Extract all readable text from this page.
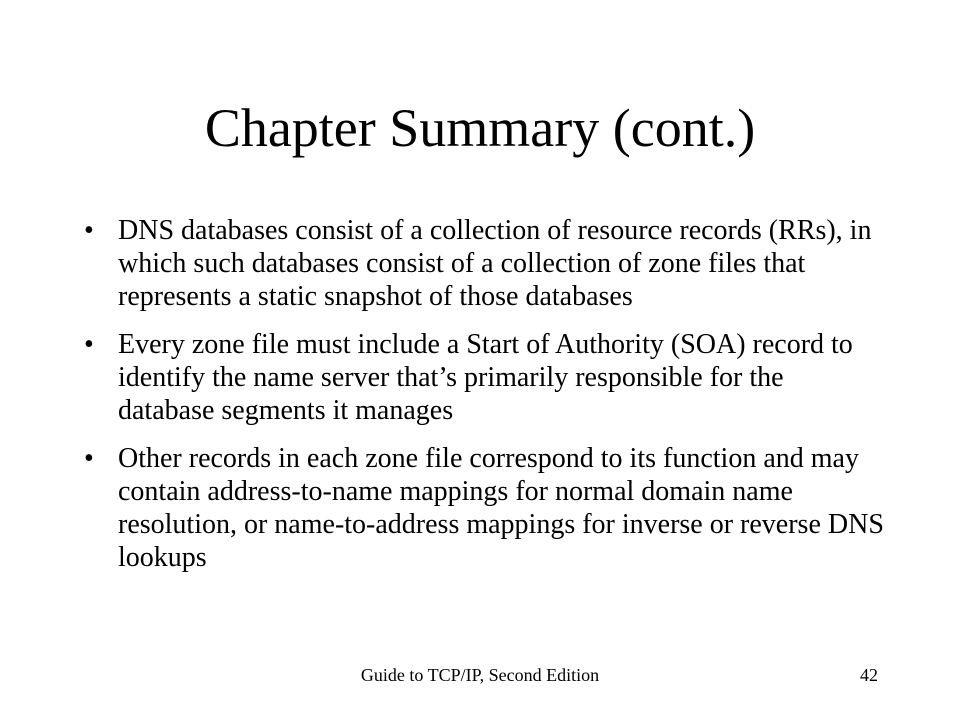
Chapter Summary (cont.)
• DNS databases consist of a collection of resource records (RRs), in which such databases consist of a collection of zone files that represents a static snapshot of those databases
• Every zone file must include a Start of Authority (SOA) record to identify the name server that’s primarily responsible for the database segments it manages
• Other records in each zone file correspond to its function and may contain address-to-name mappings for normal domain name resolution, or name-to-address mappings for inverse or reverse DNS lookups
Guide to TCP/IP, Second Edition	42
